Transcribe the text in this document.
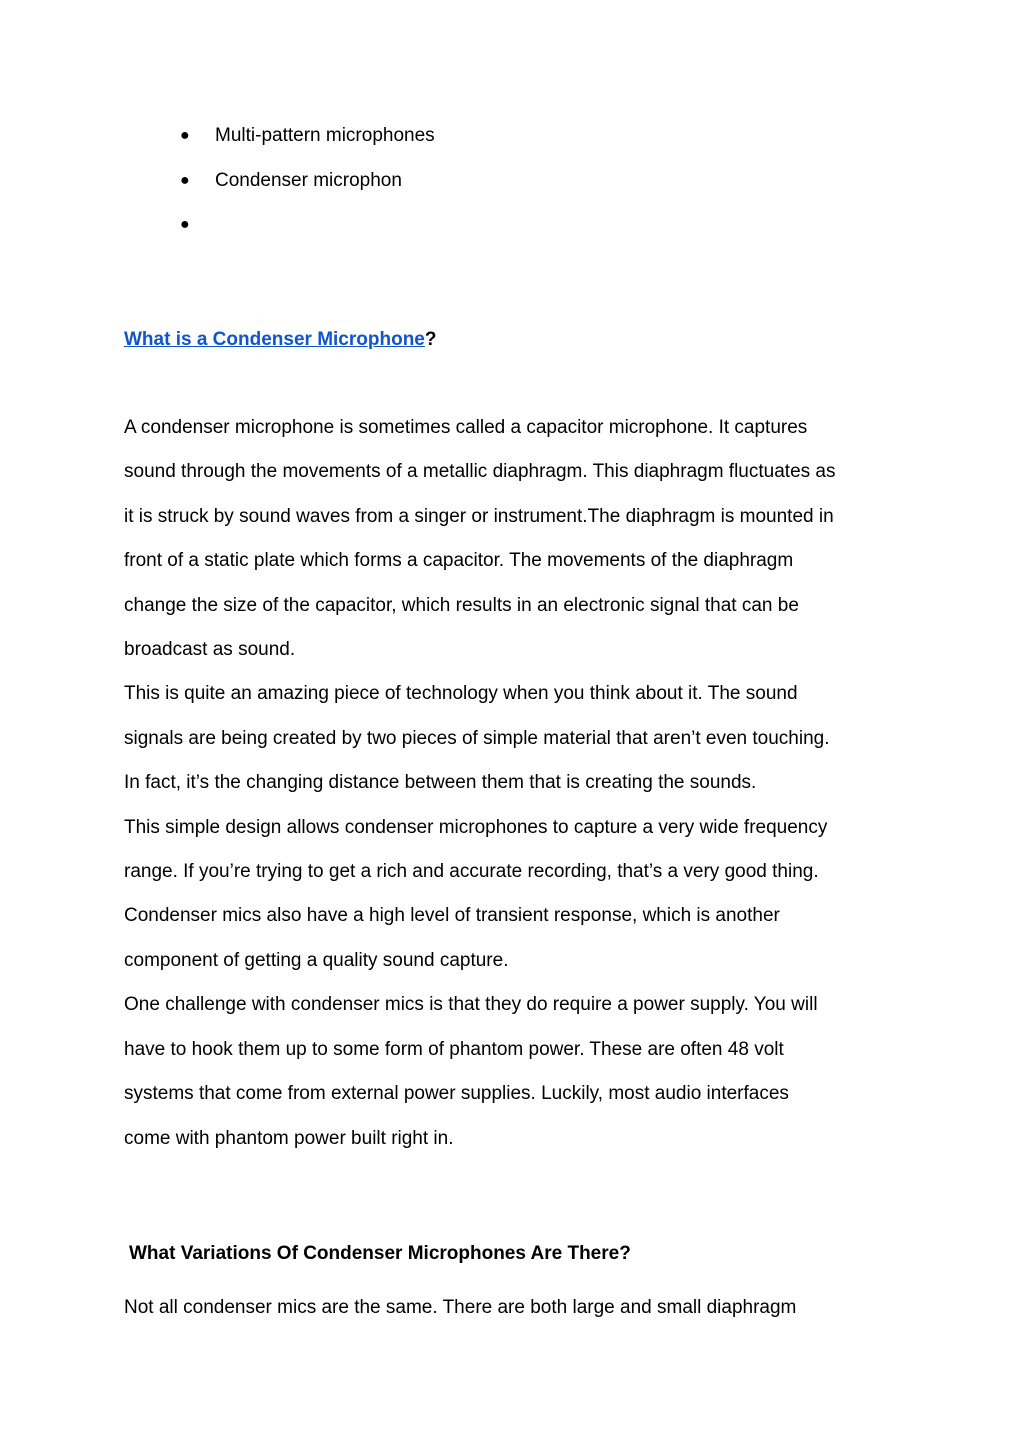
● Multi-pattern microphones
● Condenser microphon
●
What is a Condenser Microphone?

A condenser microphone is sometimes called a capacitor microphone. It captures
sound through the movements of a metallic diaphragm. This diaphragm fluctuates as
it is struck by sound waves from a singer or instrument.The diaphragm is mounted in
front of a static plate which forms a capacitor. The movements of the diaphragm
change the size of the capacitor, which results in an electronic signal that can be
broadcast as sound.

This is quite an amazing piece of technology when you think about it. The sound
signals are being created by two pieces of simple material that aren’t even touching.
In fact, it’s the changing distance between them that is creating the sounds.

This simple design allows condenser microphones to capture a very wide frequency
range. If you’re trying to get a rich and accurate recording, that’s a very good thing.
Condenser mics also have a high level of transient response, which is another
component of getting a quality sound capture.

One challenge with condenser mics is that they do require a power supply. You will
have to hook them up to some form of phantom power. These are often 48 volt
systems that come from external power supplies. Luckily, most audio interfaces
come with phantom power built right in.

What Variations Of Condenser Microphones Are There?

Not all condenser mics are the same. There are both large and small diaphragm
